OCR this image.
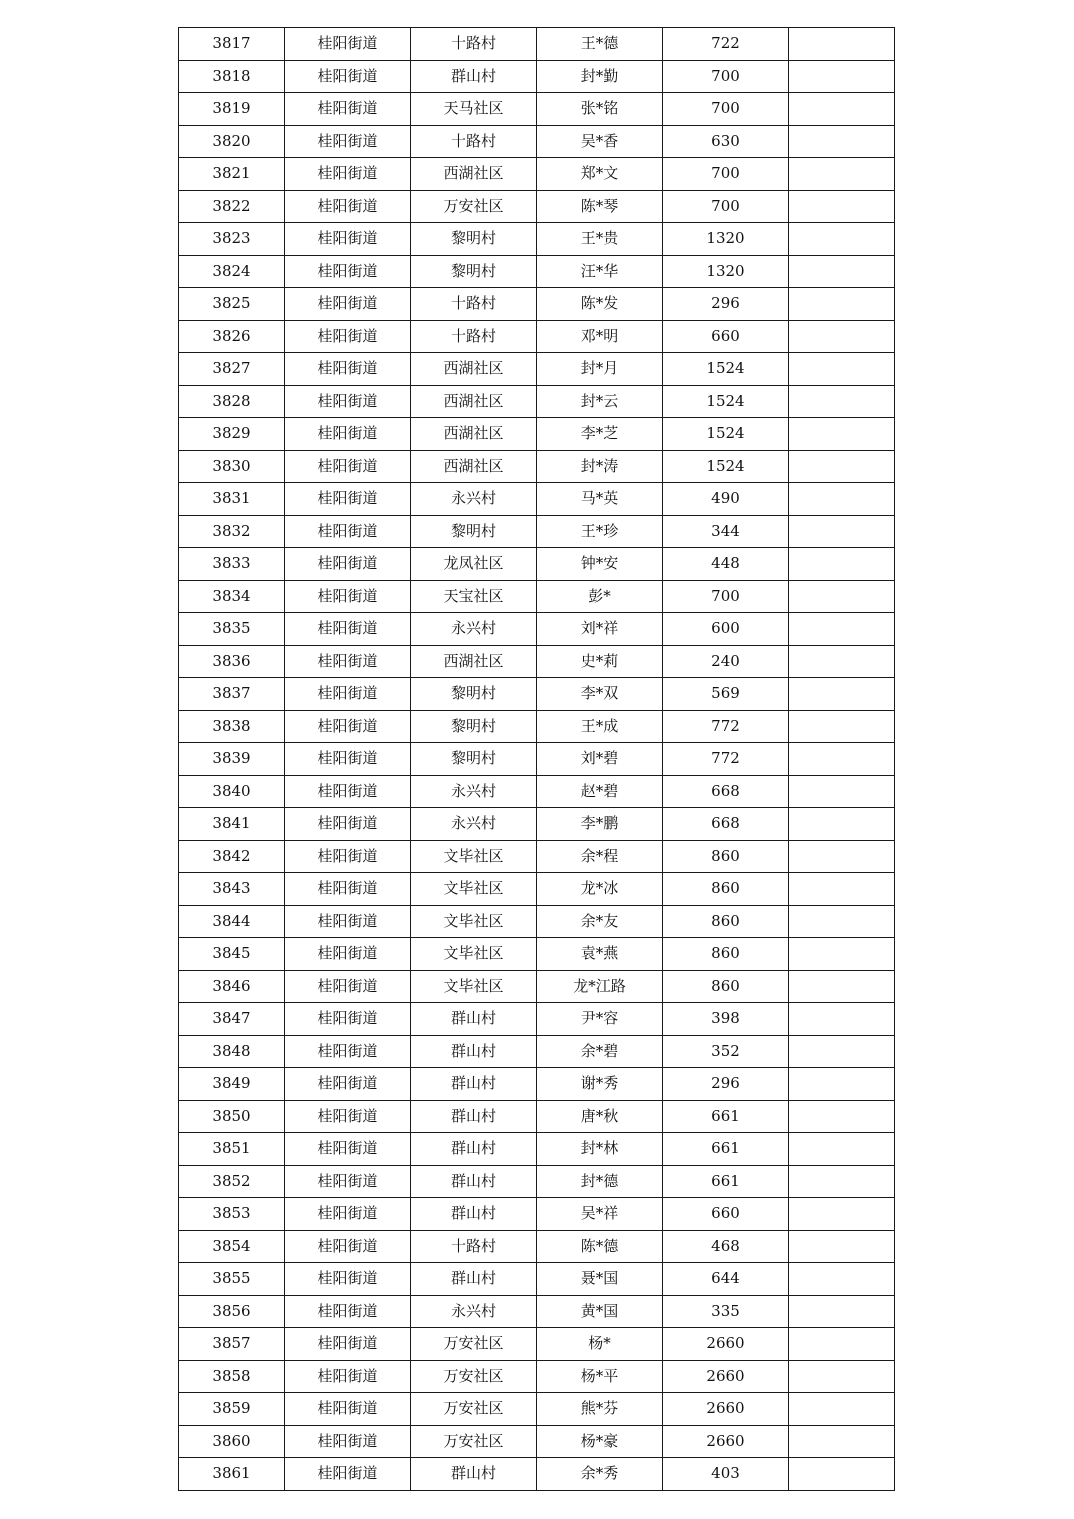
3817	桂阳街道	十路村	王*德	722	
3818	桂阳街道	群山村	封*勤	700	
3819	桂阳街道	天马社区	张*铭	700	
3820	桂阳街道	十路村	吴*香	630	
3821	桂阳街道	西湖社区	郑*文	700	
3822	桂阳街道	万安社区	陈*琴	700	
3823	桂阳街道	黎明村	王*贵	1320	
3824	桂阳街道	黎明村	汪*华	1320	
3825	桂阳街道	十路村	陈*发	296	
3826	桂阳街道	十路村	邓*明	660	
3827	桂阳街道	西湖社区	封*月	1524	
3828	桂阳街道	西湖社区	封*云	1524	
3829	桂阳街道	西湖社区	李*芝	1524	
3830	桂阳街道	西湖社区	封*涛	1524	
3831	桂阳街道	永兴村	马*英	490	
3832	桂阳街道	黎明村	王*珍	344	
3833	桂阳街道	龙凤社区	钟*安	448	
3834	桂阳街道	天宝社区	彭*	700	
3835	桂阳街道	永兴村	刘*祥	600	
3836	桂阳街道	西湖社区	史*莉	240	
3837	桂阳街道	黎明村	李*双	569	
3838	桂阳街道	黎明村	王*成	772	
3839	桂阳街道	黎明村	刘*碧	772	
3840	桂阳街道	永兴村	赵*碧	668	
3841	桂阳街道	永兴村	李*鹏	668	
3842	桂阳街道	文毕社区	余*程	860	
3843	桂阳街道	文毕社区	龙*冰	860	
3844	桂阳街道	文毕社区	余*友	860	
3845	桂阳街道	文毕社区	袁*燕	860	
3846	桂阳街道	文毕社区	龙*江路	860	
3847	桂阳街道	群山村	尹*容	398	
3848	桂阳街道	群山村	余*碧	352	
3849	桂阳街道	群山村	谢*秀	296	
3850	桂阳街道	群山村	唐*秋	661	
3851	桂阳街道	群山村	封*林	661	
3852	桂阳街道	群山村	封*德	661	
3853	桂阳街道	群山村	吴*祥	660	
3854	桂阳街道	十路村	陈*德	468	
3855	桂阳街道	群山村	聂*国	644	
3856	桂阳街道	永兴村	黄*国	335	
3857	桂阳街道	万安社区	杨*	2660	
3858	桂阳街道	万安社区	杨*平	2660	
3859	桂阳街道	万安社区	熊*芬	2660	
3860	桂阳街道	万安社区	杨*豪	2660	
3861	桂阳街道	群山村	余*秀	403	
